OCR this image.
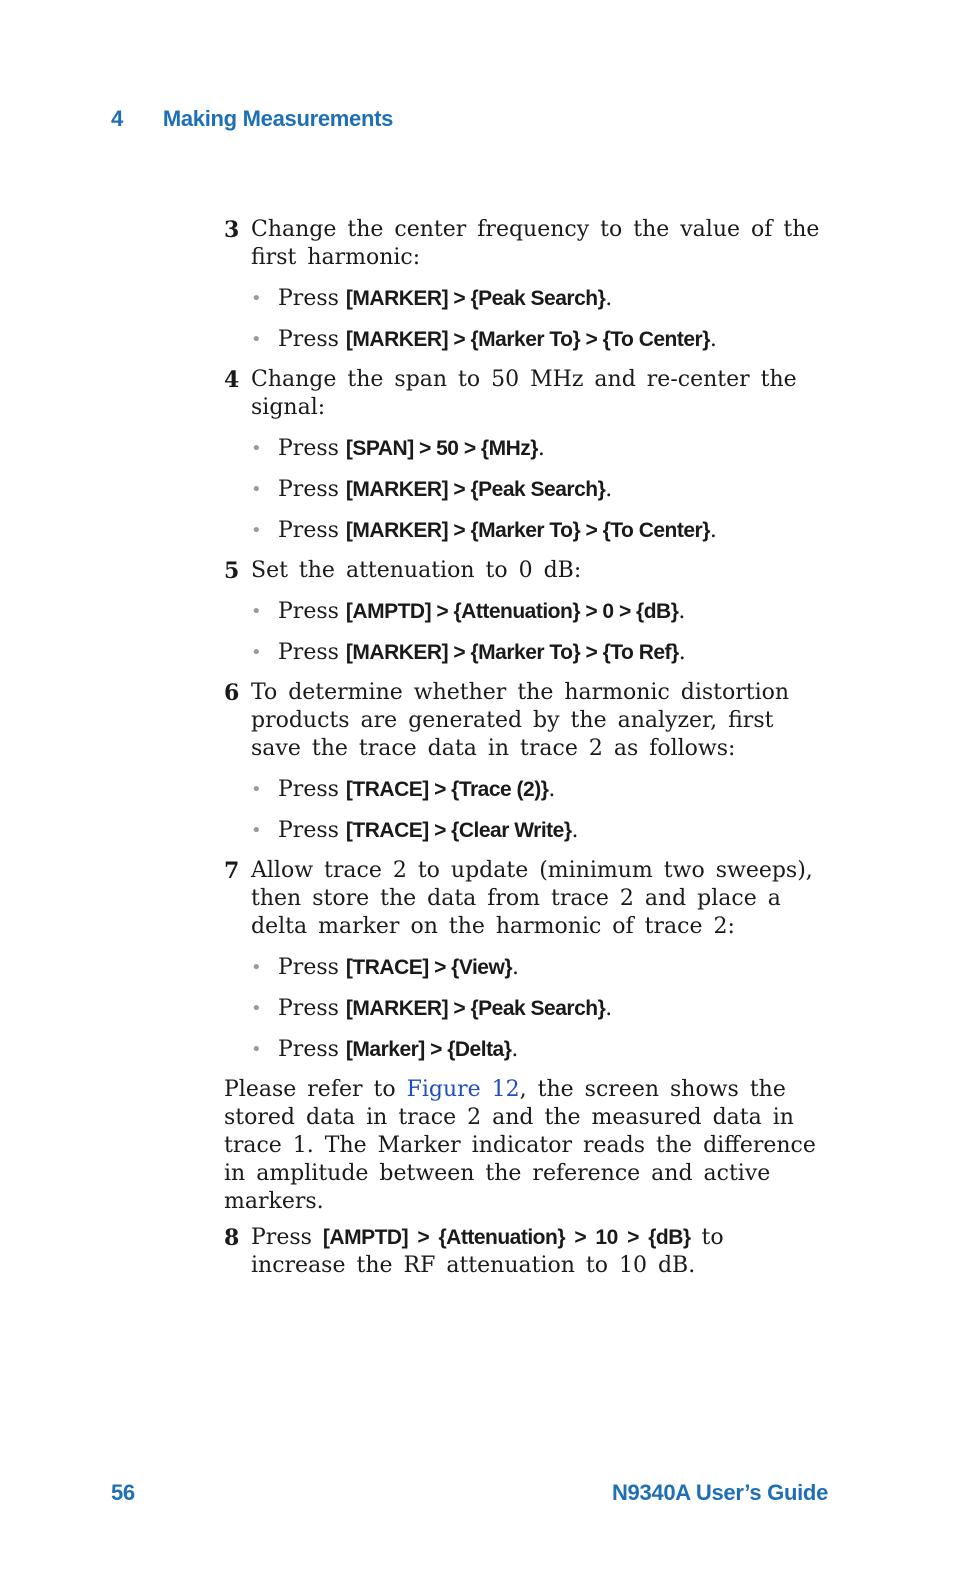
4 Making Measurements
3 Change the center frequency to the value of the first harmonic:
• Press [MARKER] > {Peak Search}.
• Press [MARKER] > {Marker To} > {To Center}.
4 Change the span to 50 MHz and re-center the signal:
• Press [SPAN] > 50 > {MHz}.
• Press [MARKER] > {Peak Search}.
• Press [MARKER] > {Marker To} > {To Center}.
5 Set the attenuation to 0 dB:
• Press [AMPTD] > {Attenuation} > 0 > {dB}.
• Press [MARKER] > {Marker To} > {To Ref}.
6 To determine whether the harmonic distortion products are generated by the analyzer, first save the trace data in trace 2 as follows:
• Press [TRACE] > {Trace (2)}.
• Press [TRACE] > {Clear Write}.
7 Allow trace 2 to update (minimum two sweeps), then store the data from trace 2 and place a delta marker on the harmonic of trace 2:
• Press [TRACE] > {View}.
• Press [MARKER] > {Peak Search}.
• Press [Marker] > {Delta}.
Please refer to Figure 12, the screen shows the stored data in trace 2 and the measured data in trace 1. The Marker indicator reads the difference in amplitude between the reference and active markers.
8 Press [AMPTD] > {Attenuation} > 10 > {dB} to increase the RF attenuation to 10 dB.
56	N9340A User’s Guide
